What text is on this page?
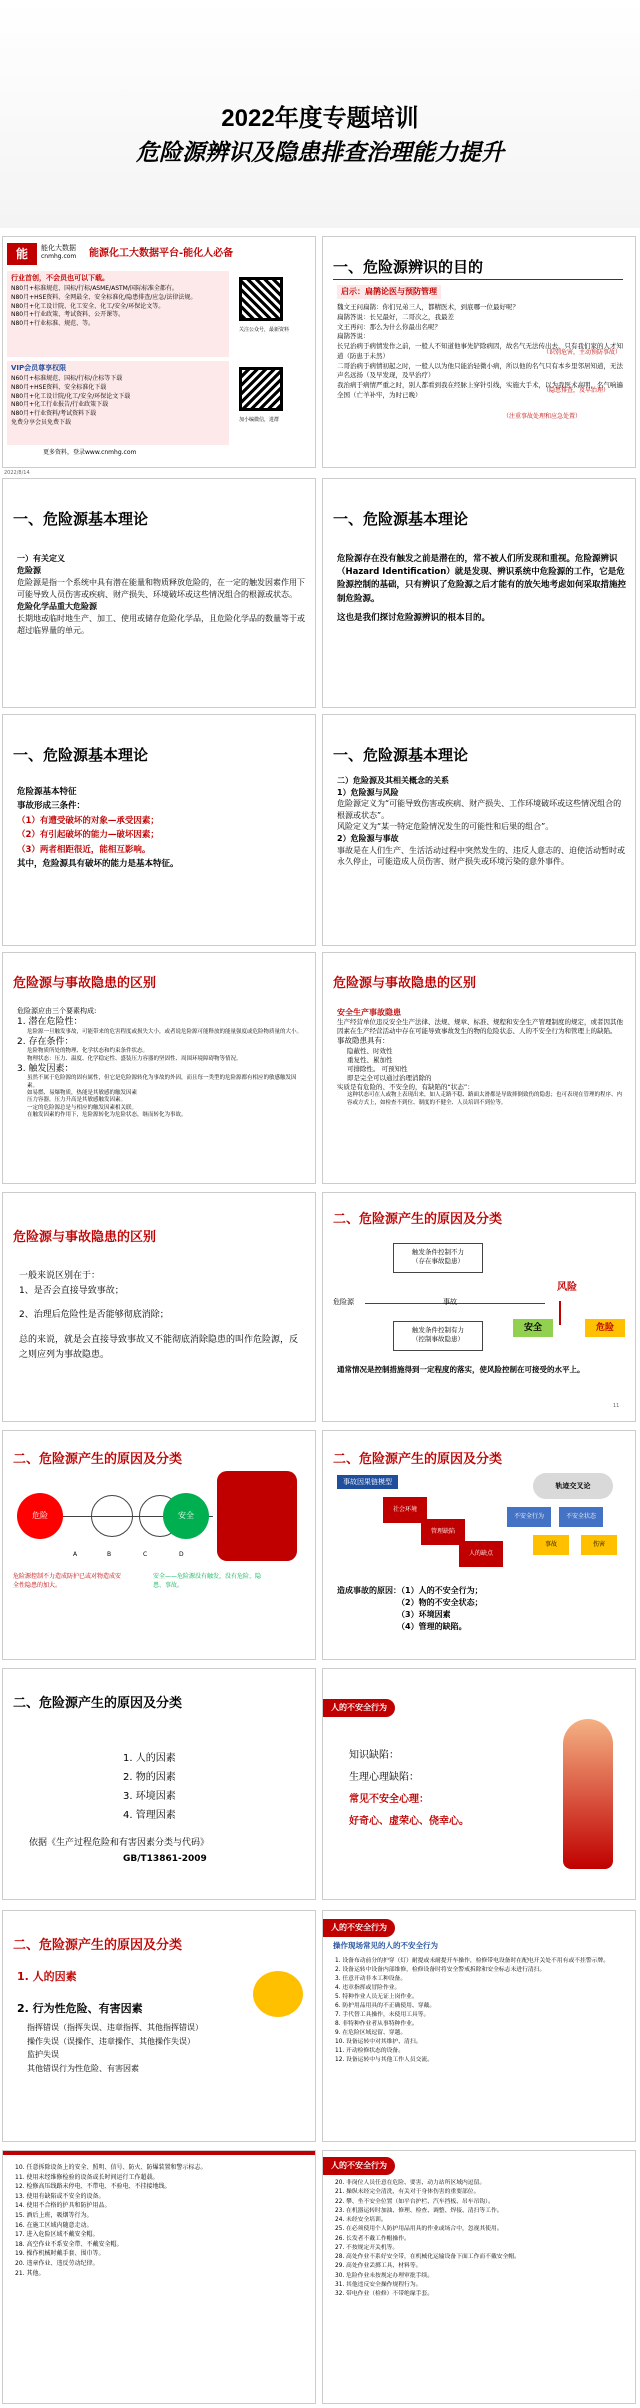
2022年度专题培训
危险源辨识及隐患排查治理能力提升
能	能化大数据
cnmhg.com 能源化工大数据平台-能化人必备
行业首创，不会员也可以下载。
N80月+标准规范、国标/行标/ASME/ASTM/国际标准全都有。
N80月+HSE资料、全网最全、安全标准化/隐患排查/应急/法律法规。
N80月+化工设计院、化工安全、化工/安全/环保论文等。
N80月+行业政策、考试资料、公开课等。
N80月+行业标准、规范、等。
VIP会员尊享权限
N60月+标准规范、国标/行标/企标等下载
N80月+HSE资料、安全标准化下载
N80月+化工设计院/化工/安全/环保论文下载
N80月+化工行业报告/行业政策下载
N80月+行业资料/考试资料下载
免费分享会员免费下载
更多资料，登录www.cnmhg.com
关注公众号，最新资料
加小编微信，进群
一、危险源辨识的目的
启示：扁鹊论医与预防管理
魏文王问扁鹊：你们兄弟三人，都精医术，到底哪一位最好呢？
扁鹊答说：长兄最好，二哥次之，我最差
文王再问：那么为什么你最出名呢？
扁鹊答说：
长兄治病于病情发作之前，一般人不知道他事先铲除病因，故名气无法传出去，只有我们家的人才知道（防患于未然）
二哥治病于病情初起之时，一般人以为他只能治轻微小病，所以他的名气只有本乡里邻居知道，无法声名远扬（及早发现，及早治疗）
我治病于病情严重之时，别人都看到我在经脉上穿针引线，实施大手术，以为我医术高明，名气响遍全国（亡羊补牢，为时已晚）
（识别危害，主动预防事故）
（隐患排查，及早治理）
（注重事故处理和应急处置）
2022/8/14
一、危险源基本理论
一）有关定义
危险源
危险源是指一个系统中具有潜在能量和物质释放危险的，在一定的触发因素作用下可能导致人员伤害或疾病、财产损失、环境破坏或这些情况组合的根源或状态。
危险化学品重大危险源
长期地或临时地生产、加工、使用或储存危险化学品，且危险化学品的数量等于或超过临界量的单元。
一、危险源基本理论
危险源存在没有触发之前是潜在的，常不被人们所发现和重视。危险源辨识（Hazard Identification）就是发现、辨识系统中危险源的工作，它是危险源控制的基础，只有辨识了危险源之后才能有的放矢地考虑如何采取措施控制危险源。
这也是我们探讨危险源辨识的根本目的。
一、危险源基本理论
危险源基本特征
事故形成三条件：
（1）有遭受破坏的对象—承受因素；
（2）有引起破坏的能力—破坏因素；
（3）两者相距很近，能相互影响。
其中，危险源具有破坏的能力是基本特征。
一、危险源基本理论
二）危险源及其相关概念的关系
1）危险源与风险
危险源定义为“可能导致伤害或疾病、财产损失、工作环境破坏或这些情况组合的根源或状态”。
风险定义为“某一特定危险情况发生的可能性和后果的组合”。
2）危险源与事故
事故是在人们生产、生活活动过程中突然发生的、违反人意志的、迫使活动暂时或永久停止，可能造成人员伤害、财产损失或环境污染的意外事件。
危险源与事故隐患的区别
危险源应由三个要素构成:
1. 潜在危险性：
危险源一旦触发事故，可能带来的危害程度或损失大小，或者说危险源可能释放的能量强度或危险物质量的大小。
2. 存在条件：
危险物质所处的物理、化学状态和约束条件状态。
物理状态：压力、温度、化学稳定性、盛装压力容器的坚固性、周围环境障碍物等情况。
3. 触发因素：
虽然不属于危险源的固有属性，但它是危险源转化为事故的外因，而且每一类型的危险源都有相应的敏感触发因素。
如易燃、易爆物质，热能是其敏感的触发因素
压力容器，压力升高是其敏感触发因素。
一定的危险源总是与相应的触发因素相关联。
在触发因素的作用下，危险源转化为危险状态，继而转化为事故。
危险源与事故隐患的区别
安全生产事故隐患
生产经营单位违反安全生产法律、法规、规章、标准、规程和安全生产管理制度的规定，或者因其他因素在生产经营活动中存在可能导致事故发生的物的危险状态、人的不安全行为和管理上的缺陷。
事故隐患具有：
隐蔽性、时效性
重复性、累加性
可排除性。 可预知性
即是完全可以通过治理消除的
实质是有危险的、不安全的，有缺陷的“状态”：
这种状态可在人或物上表现出来，如人走路不稳、路面太滑都是导致摔倒致伤的隐患；也可表现在管理的程序、内容或方式上，如检查不到位、制度的不健全、人员培训不到位等。
危险源与事故隐患的区别
一般来说区别在于：
1、是否会直接导致事故；
2、治理后危险性是否能够彻底消除；
总的来说，就是会直接导致事故又不能彻底消除隐患的叫作危险源，反之则应列为事故隐患。
二、危险源产生的原因及分类
触发条件控制不力
（存在事故隐患）
危险源	事故
触发条件控制有力
（控制事故隐患）
风险
安全	危险
通常情况是控制措施得到一定程度的落实，使风险控制在可接受的水平上。
11
二、危险源产生的原因及分类
危险	安全
A	B	C	D
危险源控制不力造成防护已或对物造成安全性隐患的加大。
安全——危险源没有触发，没有危险、隐患、事故。
二、危险源产生的原因及分类
事故因果链模型	轨迹交叉论
社会环境
管理缺陷
人的缺点
不安全行为	不安全状态
事故	伤害
造成事故的原因：（1）人的不安全行为；
（2）物的不安全状态；
（3）环境因素
（4）管理的缺陷。
二、危险源产生的原因及分类
1. 人的因素
2. 物的因素
3. 环境因素
4. 管理因素
依据《生产过程危险和有害因素分类与代码》
GB/T13861-2009
人的不安全行为
知识缺陷：
生理心理缺陷：
常见不安全心理：
好奇心、虚荣心、侥幸心。
二、危险源产生的原因及分类
1. 人的因素
2. 行为性危险、有害因素
指挥错误（指挥失误、违章指挥、其他指挥错误）
操作失误（误操作、违章操作、其他操作失误）
监护失误
其他错误行为性危险、有害因素
人的不安全行为
操作现场常见的人的不安全行为
1. 设备布动前分的护穿（灯）耐提或未耐提开车操作，检修带电设备时在配电开关处不用有或不挂警示牌。
2. 设备运转中设备内部维修，检修设备时将安全警戒拆除和安全标志未进行清扫。
3. 任意开动非本工种设备。
4. 违章指挥或冒险作业。
5. 特种作业人员无证上岗作业。
6. 防护用品用具的不正确使用、穿戴。
7. 手代替工具操作，未使用工具等。
8. 非特种作业者从事特种作业。
9. 在危险区域逗留、穿越。
10. 设备运转中对其维护、清扫。
11. 开动检修状态的设备。
12. 设备运转中与其他工作人员交流。
10. 任意拆除设备上的安全、照明、信号、防火、防爆装置和警示标志。
11. 使用未经维修检验的设备或长时间运行工作超载。
12. 检修高压线路未停电、不带电、不验电、不挂接地线。
13. 使用有缺陷或不安全的设备。
14. 使用不合格的护具和防护用品。
15. 酒后上班，吸烟等行为。
16. 在施工区域内随意走动。
17. 进入危险区域不戴安全帽。
18. 高空作业不系安全带、不戴安全帽。
19. 操作机械时戴手套、围巾等。
20. 违章作业、违反劳动纪律。
21. 其他。
人的不安全行为
20. 非岗位人员任意在危险、要害、动力站所区域内逗留。
21. 操纵未经完全清洗，有关对于身体伤害的重要部位。
22. 攀、坐不安全位置（如平台护栏、汽车挡板、吊车吊钩）。
23. 在机器运转时加油、修理、检查、调整、焊接、清扫等工作。
24. 未经安全培训。
25. 在必须使用个人防护用品用具的作业或场合中，忽视其使用。
26. 长发者不戴工作帽操作。
27. 不按规定开关机等。
28. 高处作业不系好安全带，在机械化运输设备下面工作而不戴安全帽。
29. 高处作业丢掷工具、材料等。
30. 危险作业未按规定办理审批手续。
31. 其他违反安全操作规程行为。
32. 带电作业（检修）不带绝缘手套。
